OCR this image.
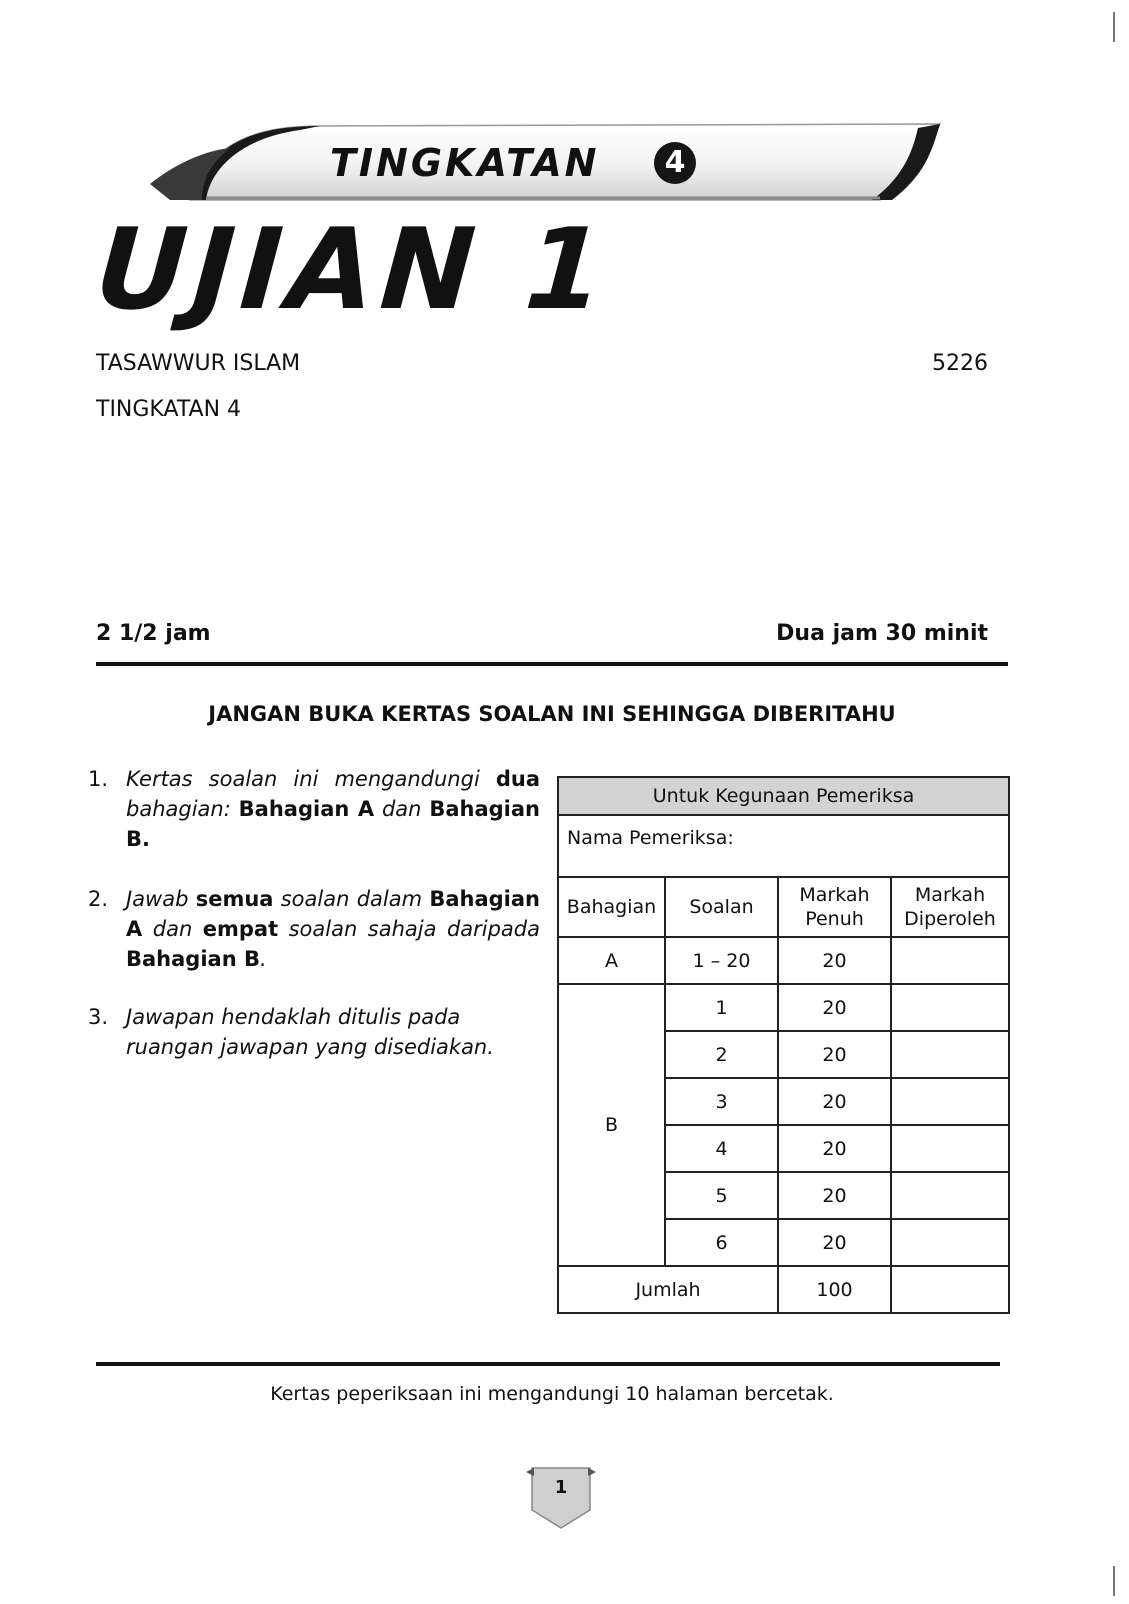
TINGKATAN	4
UJIAN 1
TASAWWUR ISLAM	5226
TINGKATAN 4
2 1/2 jam	Dua jam 30 minit
JANGAN BUKA KERTAS SOALAN INI SEHINGGA DIBERITAHU
1. Kertas soalan ini mengandungi dua bahagian: Bahagian A dan Bahagian B.
2. Jawab semua soalan dalam Bahagian A dan empat soalan sahaja daripada Bahagian B.
3. Jawapan hendaklah ditulis pada ruangan jawapan yang disediakan.
Untuk Kegunaan Pemeriksa			
Nama Pemeriksa:			
Bahagian	Soalan	Markah Penuh	Markah Diperoleh
A	1 – 20	20	
B	1	20	
	2	20	
	3	20	
	4	20	
	5	20	
	6	20	
Jumlah		100	
Kertas peperiksaan ini mengandungi 10 halaman bercetak.
1
